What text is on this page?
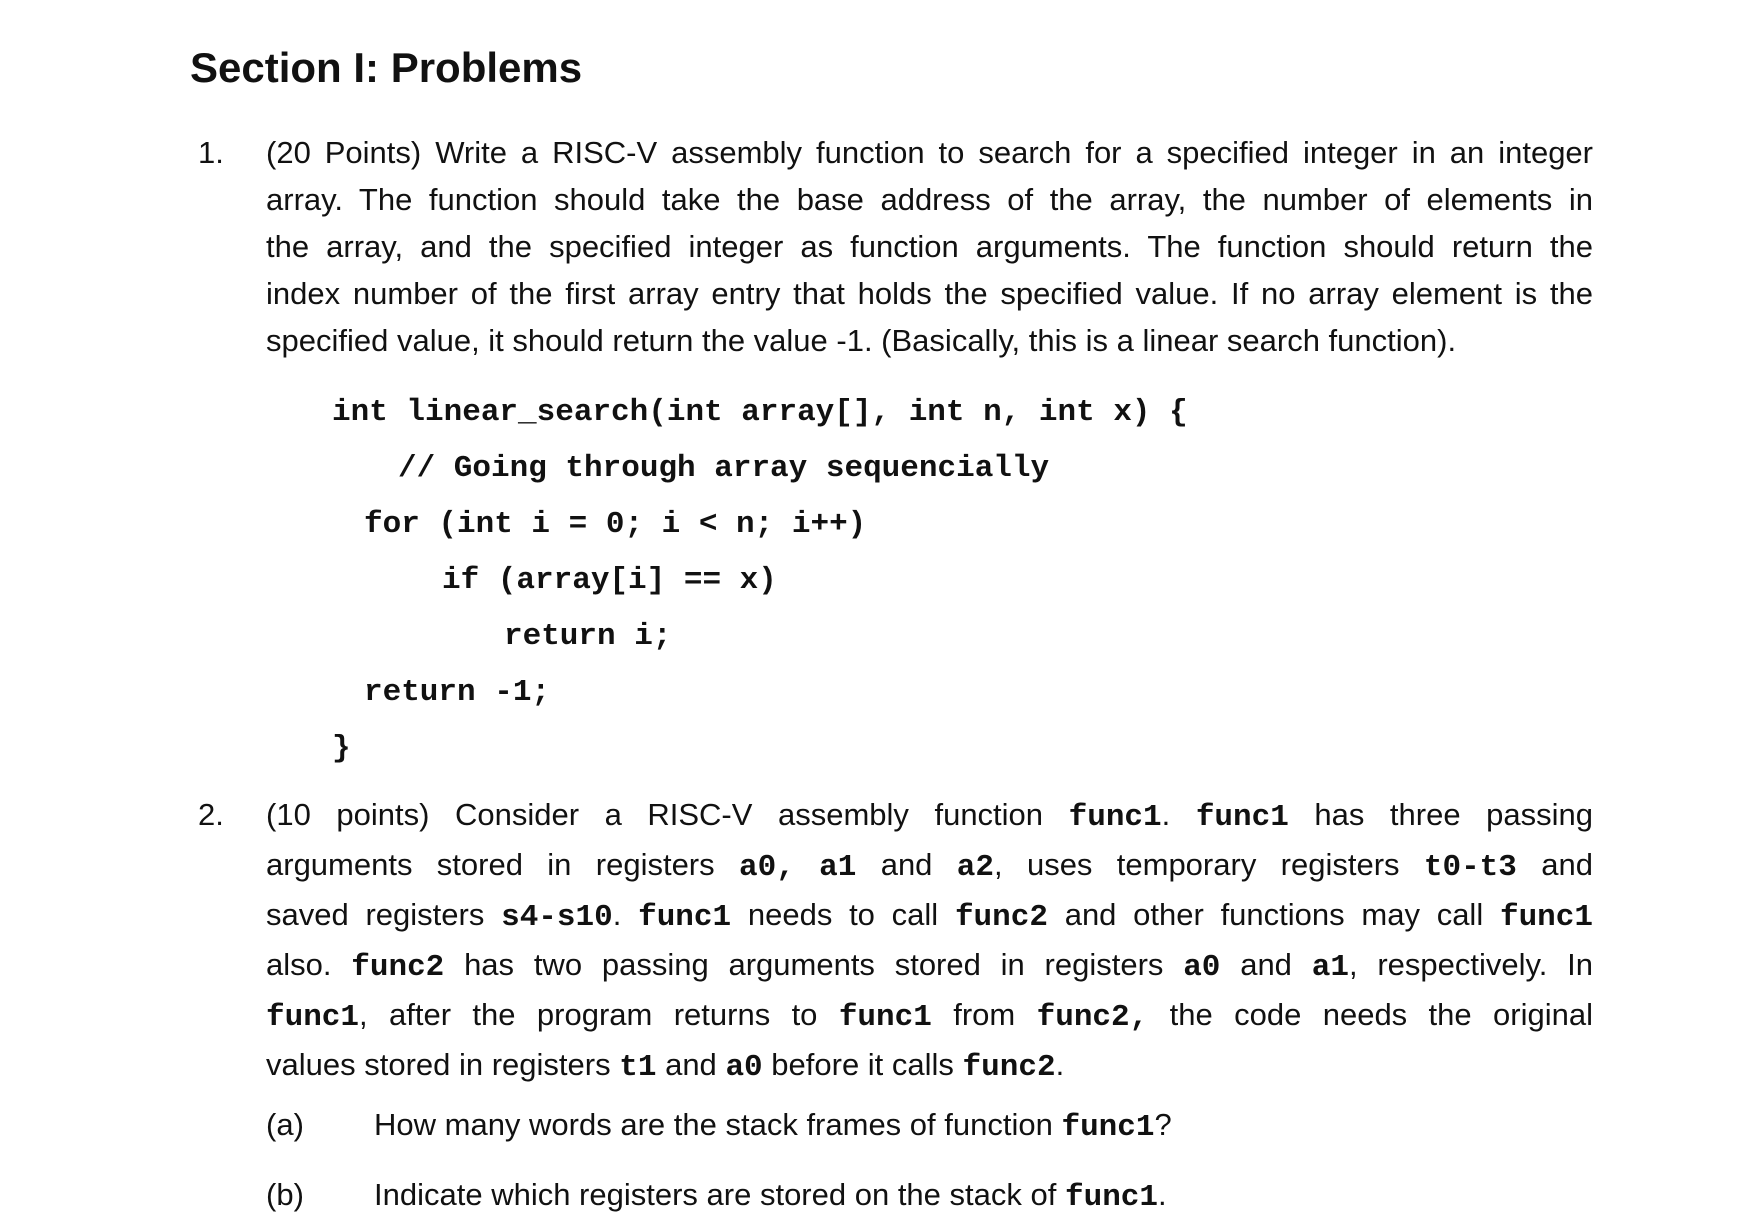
Section I: Problems
1. (20 Points) Write a RISC-V assembly function to search for a specified integer in an integer
array. The function should take the base address of the array, the number of elements in
the array, and the specified integer as function arguments. The function should return the
index number of the first array entry that holds the specified value. If no array element is the
specified value, it should return the value -1. (Basically, this is a linear search function).
int linear_search(int array[], int n, int x) {
// Going through array sequencially
for (int i = 0; i < n; i++)
if (array[i] == x)
return i;
return -1;
}
2. (10 points) Consider a RISC-V assembly function func1. func1 has three passing
arguments stored in registers a0, a1 and a2, uses temporary registers t0-t3 and
saved registers s4-s10. func1 needs to call func2 and other functions may call func1
also. func2 has two passing arguments stored in registers a0 and a1, respectively. In
func1, after the program returns to func1 from func2, the code needs the original
values stored in registers t1 and a0 before it calls func2.
(a) How many words are the stack frames of function func1?
(b) Indicate which registers are stored on the stack of func1.
